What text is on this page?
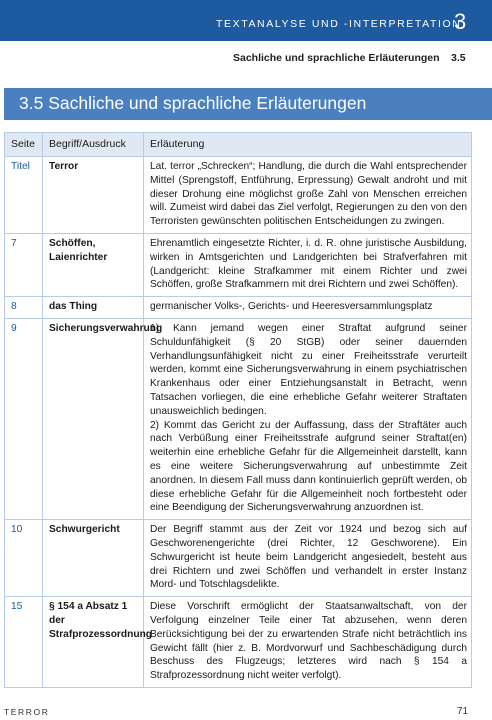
TEXTANALYSE UND -INTERPRETATION
3
Sachliche und sprachliche Erläuterungen 3.5
3.5 Sachliche und sprachliche Erläuterungen
Seite	Begriff/Ausdruck	Erläuterung
Titel	Terror	Lat. terror „Schrecken“; Handlung, die durch die Wahl entsprechender Mittel (Sprengstoff, Entführung, Erpressung) Gewalt androht und mit dieser Drohung eine möglichst große Zahl von Menschen erreichen will. Zumeist wird dabei das Ziel verfolgt, Regierungen zu den von den Terroristen gewünschten politischen Entscheidungen zu zwingen.
7	Schöffen, Laienrichter	Ehrenamtlich eingesetzte Richter, i. d. R. ohne juristische Ausbildung, wirken in Amtsgerichten und Landgerichten bei Strafverfahren mit (Landgericht: kleine Strafkammer mit einem Richter und zwei Schöffen, große Strafkammern mit drei Richtern und zwei Schöffen).
8	das Thing	germanischer Volks-, Gerichts- und Heeresversammlungsplatz
9	Sicherungsverwahrung	1) Kann jemand wegen einer Straftat aufgrund seiner Schuldunfähigkeit (§ 20 StGB) oder seiner dauernden Verhandlungsunfähigkeit nicht zu einer Freiheitsstrafe verurteilt werden, kommt eine Sicherungsverwahrung in einem psychiatrischen Krankenhaus oder einer Entziehungsanstalt in Betracht, wenn Tatsachen vorliegen, die eine erhebliche Gefahr weiterer Straftaten unausweichlich bedingen.
2) Kommt das Gericht zu der Auffassung, dass der Straftäter auch nach Verbüßung einer Freiheitsstrafe aufgrund seiner Straftat(en) weiterhin eine erhebliche Gefahr für die Allgemeinheit darstellt, kann es eine weitere Sicherungsverwahrung auf unbestimmte Zeit anordnen. In diesem Fall muss dann kontinuierlich geprüft werden, ob diese erhebliche Gefahr für die Allgemeinheit noch fortbesteht oder eine Beendigung der Sicherungsverwahrung anzuordnen ist.
10	Schwurgericht	Der Begriff stammt aus der Zeit vor 1924 und bezog sich auf Geschworenengerichte (drei Richter, 12 Geschworene). Ein Schwurgericht ist heute beim Landgericht angesiedelt, besteht aus drei Richtern und zwei Schöffen und verhandelt in erster Instanz Mord- und Totschlagsdelikte.
15	§ 154 a Absatz 1 der Strafprozessordnung	Diese Vorschrift ermöglicht der Staatsanwaltschaft, von der Verfolgung einzelner Teile einer Tat abzusehen, wenn deren Berücksichtigung bei der zu erwartenden Strafe nicht beträchtlich ins Gewicht fällt (hier z. B. Mordvorwurf und Sachbeschädigung durch Beschuss des Flugzeugs; letzteres wird nach § 154 a Strafprozessordnung nicht weiter verfolgt).
TERROR	71
